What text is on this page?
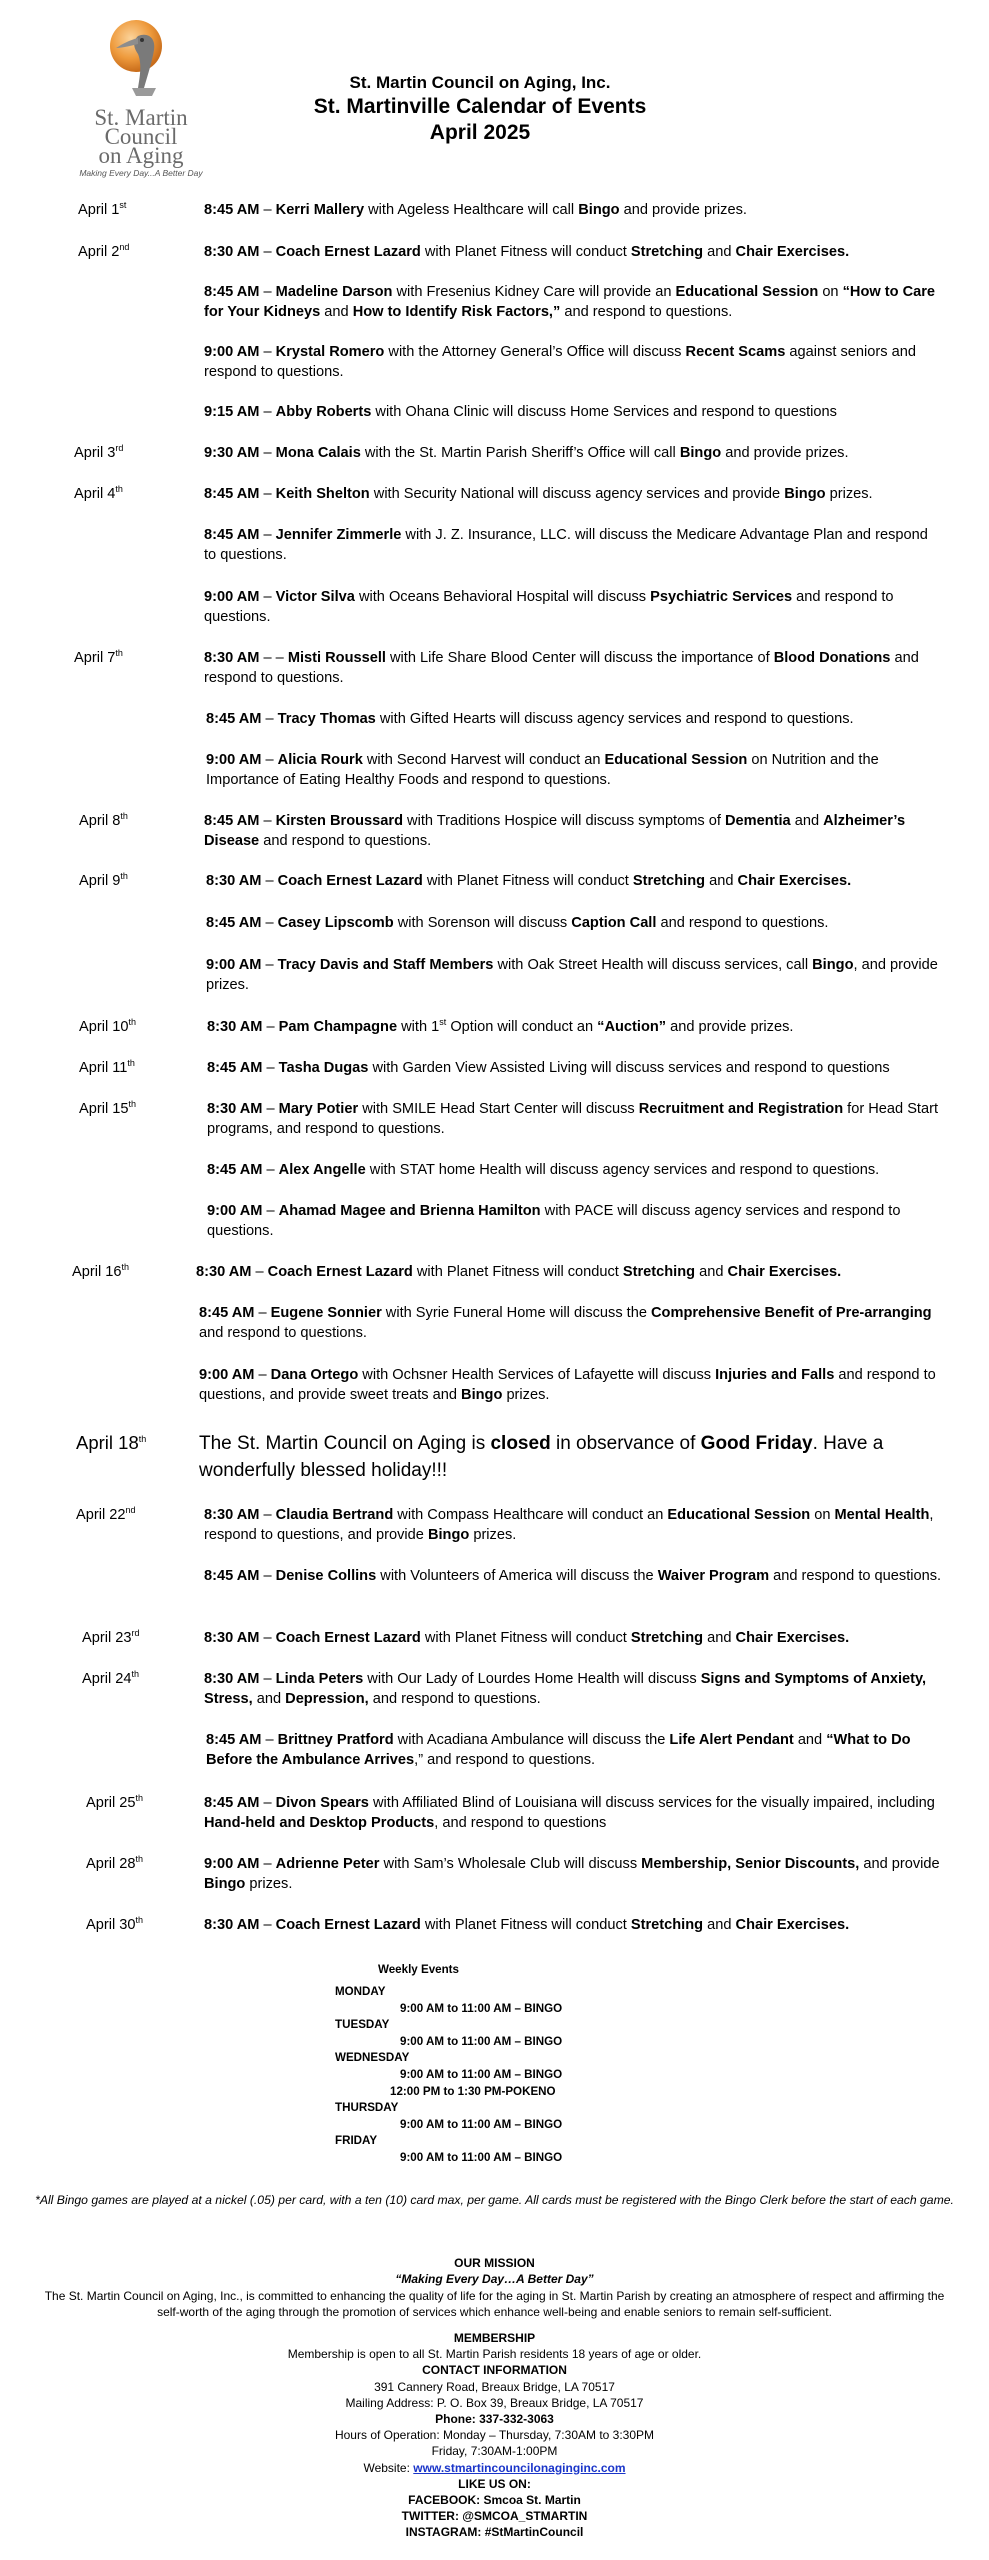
St. Martin
Council
on Aging
Making Every Day...A Better Day
St. Martin Council on Aging, Inc.
St. Martinville Calendar of Events
April 2025
April 1st	8:45 AM – Kerri Mallery with Ageless Healthcare will call Bingo and provide prizes.
April 2nd	8:30 AM – Coach Ernest Lazard with Planet Fitness will conduct Stretching and Chair Exercises.
8:45 AM – Madeline Darson with Fresenius Kidney Care will provide an Educational Session on “How to Care for Your Kidneys and How to Identify Risk Factors,” and respond to questions.
9:00 AM – Krystal Romero with the Attorney General’s Office will discuss Recent Scams against seniors and respond to questions.
9:15 AM – Abby Roberts with Ohana Clinic will discuss Home Services and respond to questions
April 3rd	9:30 AM – Mona Calais with the St. Martin Parish Sheriff’s Office will call Bingo and provide prizes.
April 4th	8:45 AM – Keith Shelton with Security National will discuss agency services and provide Bingo prizes.
8:45 AM – Jennifer Zimmerle with J. Z. Insurance, LLC. will discuss the Medicare Advantage Plan and respond to questions.
9:00 AM – Victor Silva with Oceans Behavioral Hospital will discuss Psychiatric Services and respond to questions.
April 7th	8:30 AM – – Misti Roussell with Life Share Blood Center will discuss the importance of Blood Donations and respond to questions.
8:45 AM – Tracy Thomas with Gifted Hearts will discuss agency services and respond to questions.
9:00 AM – Alicia Rourk with Second Harvest will conduct an Educational Session on Nutrition and the Importance of Eating Healthy Foods and respond to questions.
April 8th	8:45 AM – Kirsten Broussard with Traditions Hospice will discuss symptoms of Dementia and Alzheimer’s Disease and respond to questions.
April 9th	8:30 AM – Coach Ernest Lazard with Planet Fitness will conduct Stretching and Chair Exercises.
8:45 AM – Casey Lipscomb with Sorenson will discuss Caption Call and respond to questions.
9:00 AM – Tracy Davis and Staff Members with Oak Street Health will discuss services, call Bingo, and provide prizes.
April 10th	8:30 AM – Pam Champagne with 1st Option will conduct an “Auction” and provide prizes.
April 11th	8:45 AM – Tasha Dugas with Garden View Assisted Living will discuss services and respond to questions
April 15th	8:30 AM – Mary Potier with SMILE Head Start Center will discuss Recruitment and Registration for Head Start programs, and respond to questions.
8:45 AM – Alex Angelle with STAT home Health will discuss agency services and respond to questions.
9:00 AM – Ahamad Magee and Brienna Hamilton with PACE will discuss agency services and respond to questions.
April 16th	8:30 AM – Coach Ernest Lazard with Planet Fitness will conduct Stretching and Chair Exercises.
8:45 AM – Eugene Sonnier with Syrie Funeral Home will discuss the Comprehensive Benefit of Pre-arranging and respond to questions.
9:00 AM – Dana Ortego with Ochsner Health Services of Lafayette will discuss Injuries and Falls and respond to questions, and provide sweet treats and Bingo prizes.
April 18th	The St. Martin Council on Aging is closed in observance of Good Friday. Have a wonderfully blessed holiday!!!
April 22nd	8:30 AM – Claudia Bertrand with Compass Healthcare will conduct an Educational Session on Mental Health, respond to questions, and provide Bingo prizes.
8:45 AM – Denise Collins with Volunteers of America will discuss the Waiver Program and respond to questions.
April 23rd	8:30 AM – Coach Ernest Lazard with Planet Fitness will conduct Stretching and Chair Exercises.
April 24th	8:30 AM – Linda Peters with Our Lady of Lourdes Home Health will discuss Signs and Symptoms of Anxiety, Stress, and Depression, and respond to questions.
8:45 AM – Brittney Pratford with Acadiana Ambulance will discuss the Life Alert Pendant and “What to Do Before the Ambulance Arrives,” and respond to questions.
April 25th	8:45 AM – Divon Spears with Affiliated Blind of Louisiana will discuss services for the visually impaired, including Hand-held and Desktop Products, and respond to questions
April 28th	9:00 AM – Adrienne Peter with Sam’s Wholesale Club will discuss Membership, Senior Discounts, and provide Bingo prizes.
April 30th	8:30 AM – Coach Ernest Lazard with Planet Fitness will conduct Stretching and Chair Exercises.
Weekly Events
MONDAY
9:00 AM to 11:00 AM – BINGO
TUESDAY
9:00 AM to 11:00 AM – BINGO
WEDNESDAY
9:00 AM to 11:00 AM – BINGO
12:00 PM to 1:30 PM-POKENO
THURSDAY
9:00 AM to 11:00 AM – BINGO
FRIDAY
9:00 AM to 11:00 AM – BINGO
*All Bingo games are played at a nickel (.05) per card, with a ten (10) card max, per game. All cards must be registered with the Bingo Clerk before the start of each game.
OUR MISSION
“Making Every Day…A Better Day”
The St. Martin Council on Aging, Inc., is committed to enhancing the quality of life for the aging in St. Martin Parish by creating an atmosphere of respect and affirming the self-worth of the aging through the promotion of services which enhance well-being and enable seniors to remain self-sufficient.
MEMBERSHIP
Membership is open to all St. Martin Parish residents 18 years of age or older.
CONTACT INFORMATION
391 Cannery Road, Breaux Bridge, LA 70517
Mailing Address: P. O. Box 39, Breaux Bridge, LA 70517
Phone: 337-332-3063
Hours of Operation: Monday – Thursday, 7:30AM to 3:30PM
Friday, 7:30AM-1:00PM
Website: www.stmartincouncilonaginginc.com
LIKE US ON:
FACEBOOK: Smcoa St. Martin
TWITTER: @SMCOA_STMARTIN
INSTAGRAM: #StMartinCouncil
